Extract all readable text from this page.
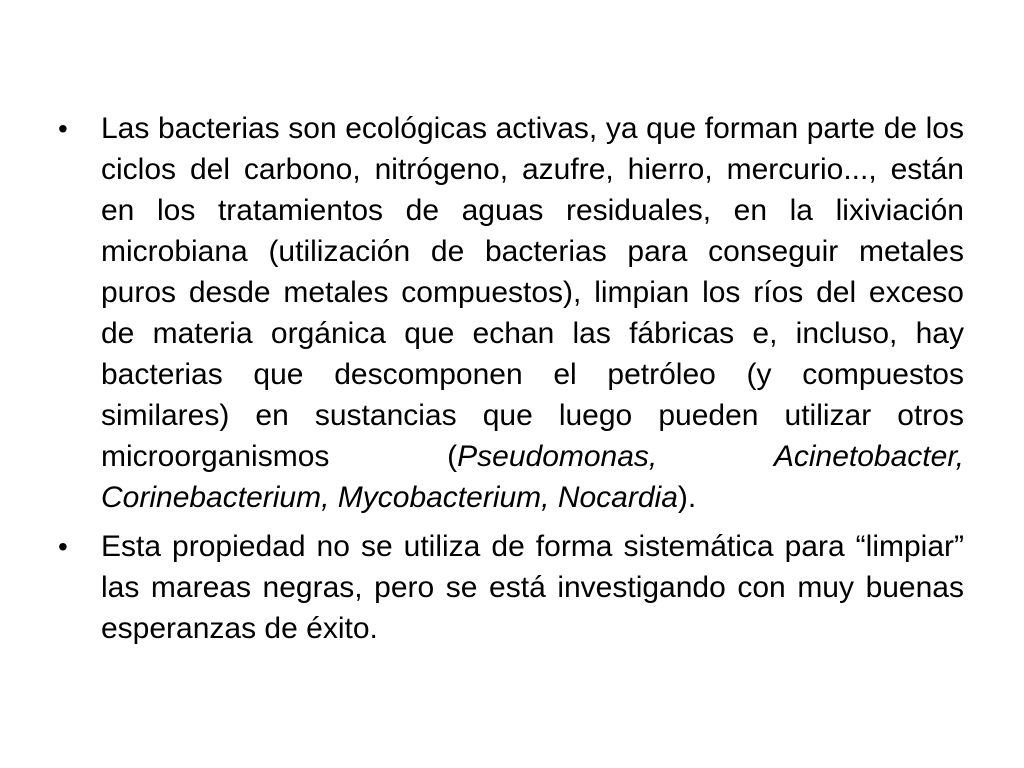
•	Las bacterias son ecológicas activas, ya que forman parte de los ciclos del carbono, nitrógeno, azufre, hierro, mercurio..., están en los tratamientos de aguas residuales, en la lixiviación microbiana (utilización de bacterias para conseguir metales puros desde metales compuestos), limpian los ríos del exceso de materia orgánica que echan las fábricas e, incluso, hay bacterias que descomponen el petróleo (y compuestos similares) en sustancias que luego pueden utilizar otros microorganismos (Pseudomonas, Acinetobacter, Corinebacterium, Mycobacterium, Nocardia).
•	Esta propiedad no se utiliza de forma sistemática para “limpiar” las mareas negras, pero se está investigando con muy buenas esperanzas de éxito.
